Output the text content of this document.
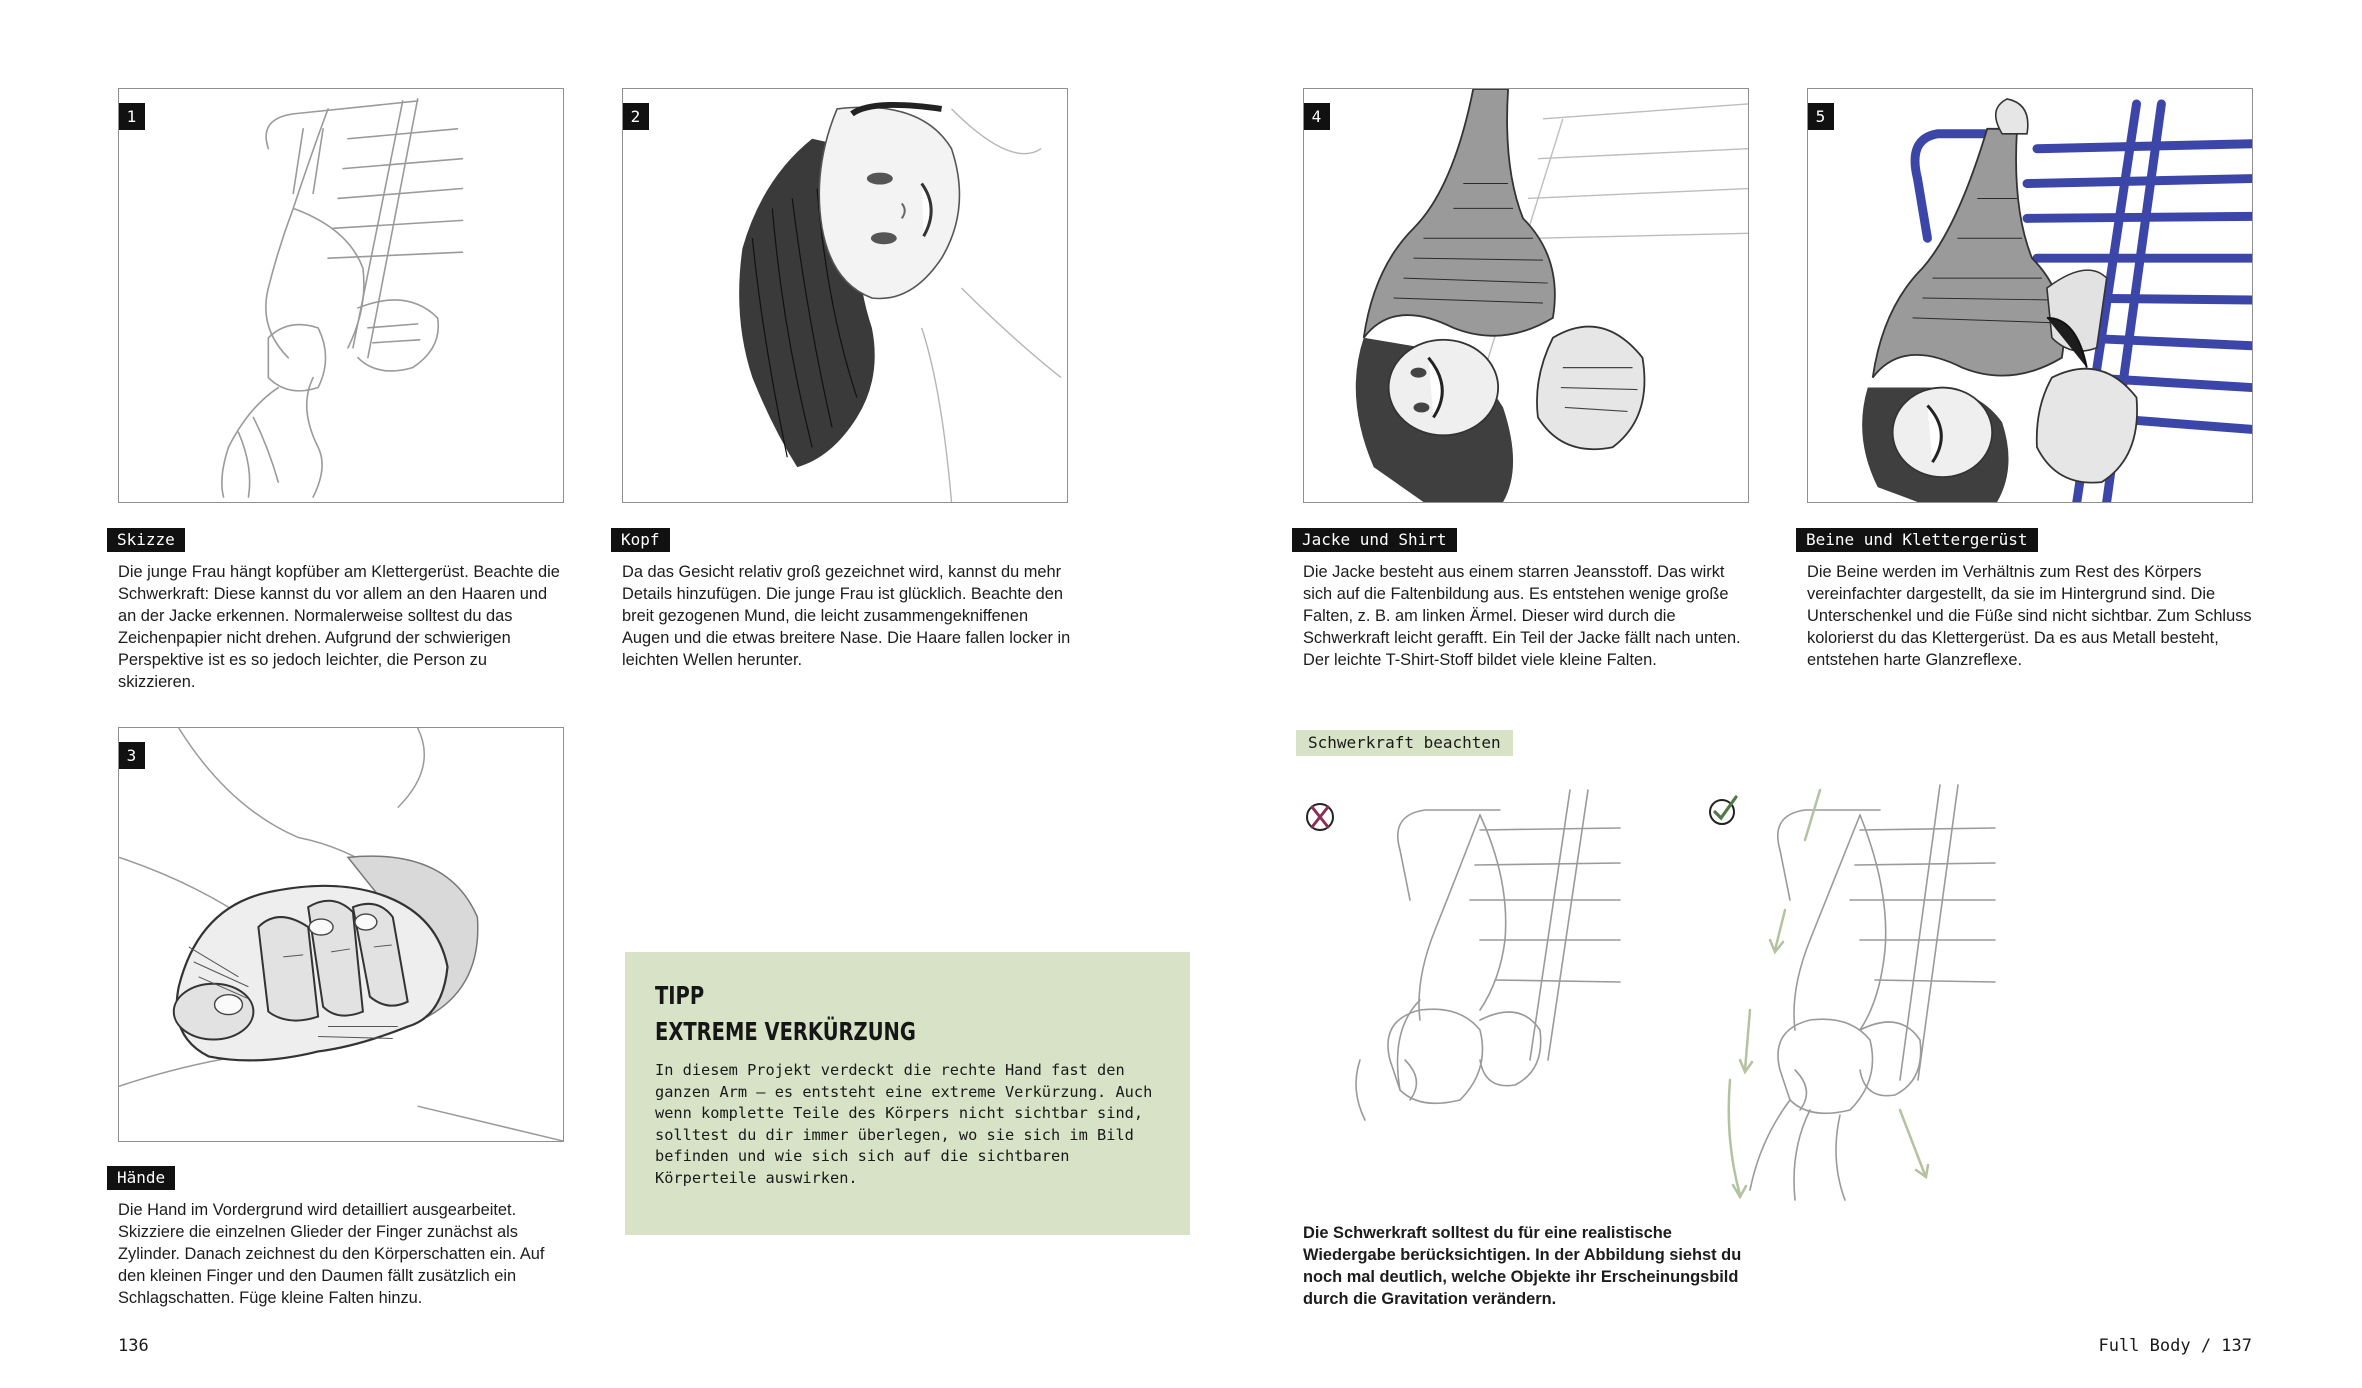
1
Skizze
Die junge Frau hängt kopfüber am Klettergerüst. Beachte die Schwerkraft: Diese kannst du vor allem an den Haaren und an der Jacke erkennen. Normalerweise solltest du das Zeichenpapier nicht drehen. Aufgrund der schwierigen Perspektive ist es so jedoch leichter, die Person zu skizzieren.
2
Kopf
Da das Gesicht relativ groß gezeichnet wird, kannst du mehr Details hinzufügen. Die junge Frau ist glücklich. Beachte den breit gezogenen Mund, die leicht zusammengekniffenen Augen und die etwas breitere Nase. Die Haare fallen locker in leichten Wellen herunter.
3
Hände
Die Hand im Vordergrund wird detailliert ausgearbeitet. Skizziere die einzelnen Glieder der Finger zunächst als Zylinder. Danach zeichnest du den Körperschatten ein. Auf den kleinen Finger und den Daumen fällt zusätzlich ein Schlagschatten. Füge kleine Falten hinzu.
4
Jacke und Shirt
Die Jacke besteht aus einem starren Jeansstoff. Das wirkt sich auf die Faltenbildung aus. Es entstehen wenige große Falten, z. B. am linken Ärmel. Dieser wird durch die Schwerkraft leicht gerafft. Ein Teil der Jacke fällt nach unten. Der leichte T-Shirt-Stoff bildet viele kleine Falten.
5
Beine und Klettergerüst
Die Beine werden im Verhältnis zum Rest des Körpers vereinfachter dargestellt, da sie im Hintergrund sind. Die Unterschenkel und die Füße sind nicht sichtbar. Zum Schluss kolorierst du das Klettergerüst. Da es aus Metall besteht, entstehen harte Glanzreflexe.
TIPP
EXTREME VERKÜRZUNG
In diesem Projekt verdeckt die rechte Hand fast den ganzen Arm – es entsteht eine extreme Verkürzung. Auch wenn komplette Teile des Körpers nicht sichtbar sind, solltest du dir immer überlegen, wo sie sich im Bild befinden und wie sich sich auf die sichtbaren Körperteile auswirken.
Schwerkraft beachten
Die Schwerkraft solltest du für eine realistische Wiedergabe berücksichtigen. In der Abbildung siehst du noch mal deutlich, welche Objekte ihr Erscheinungsbild durch die Gravitation verändern.
136	Full Body / 137
